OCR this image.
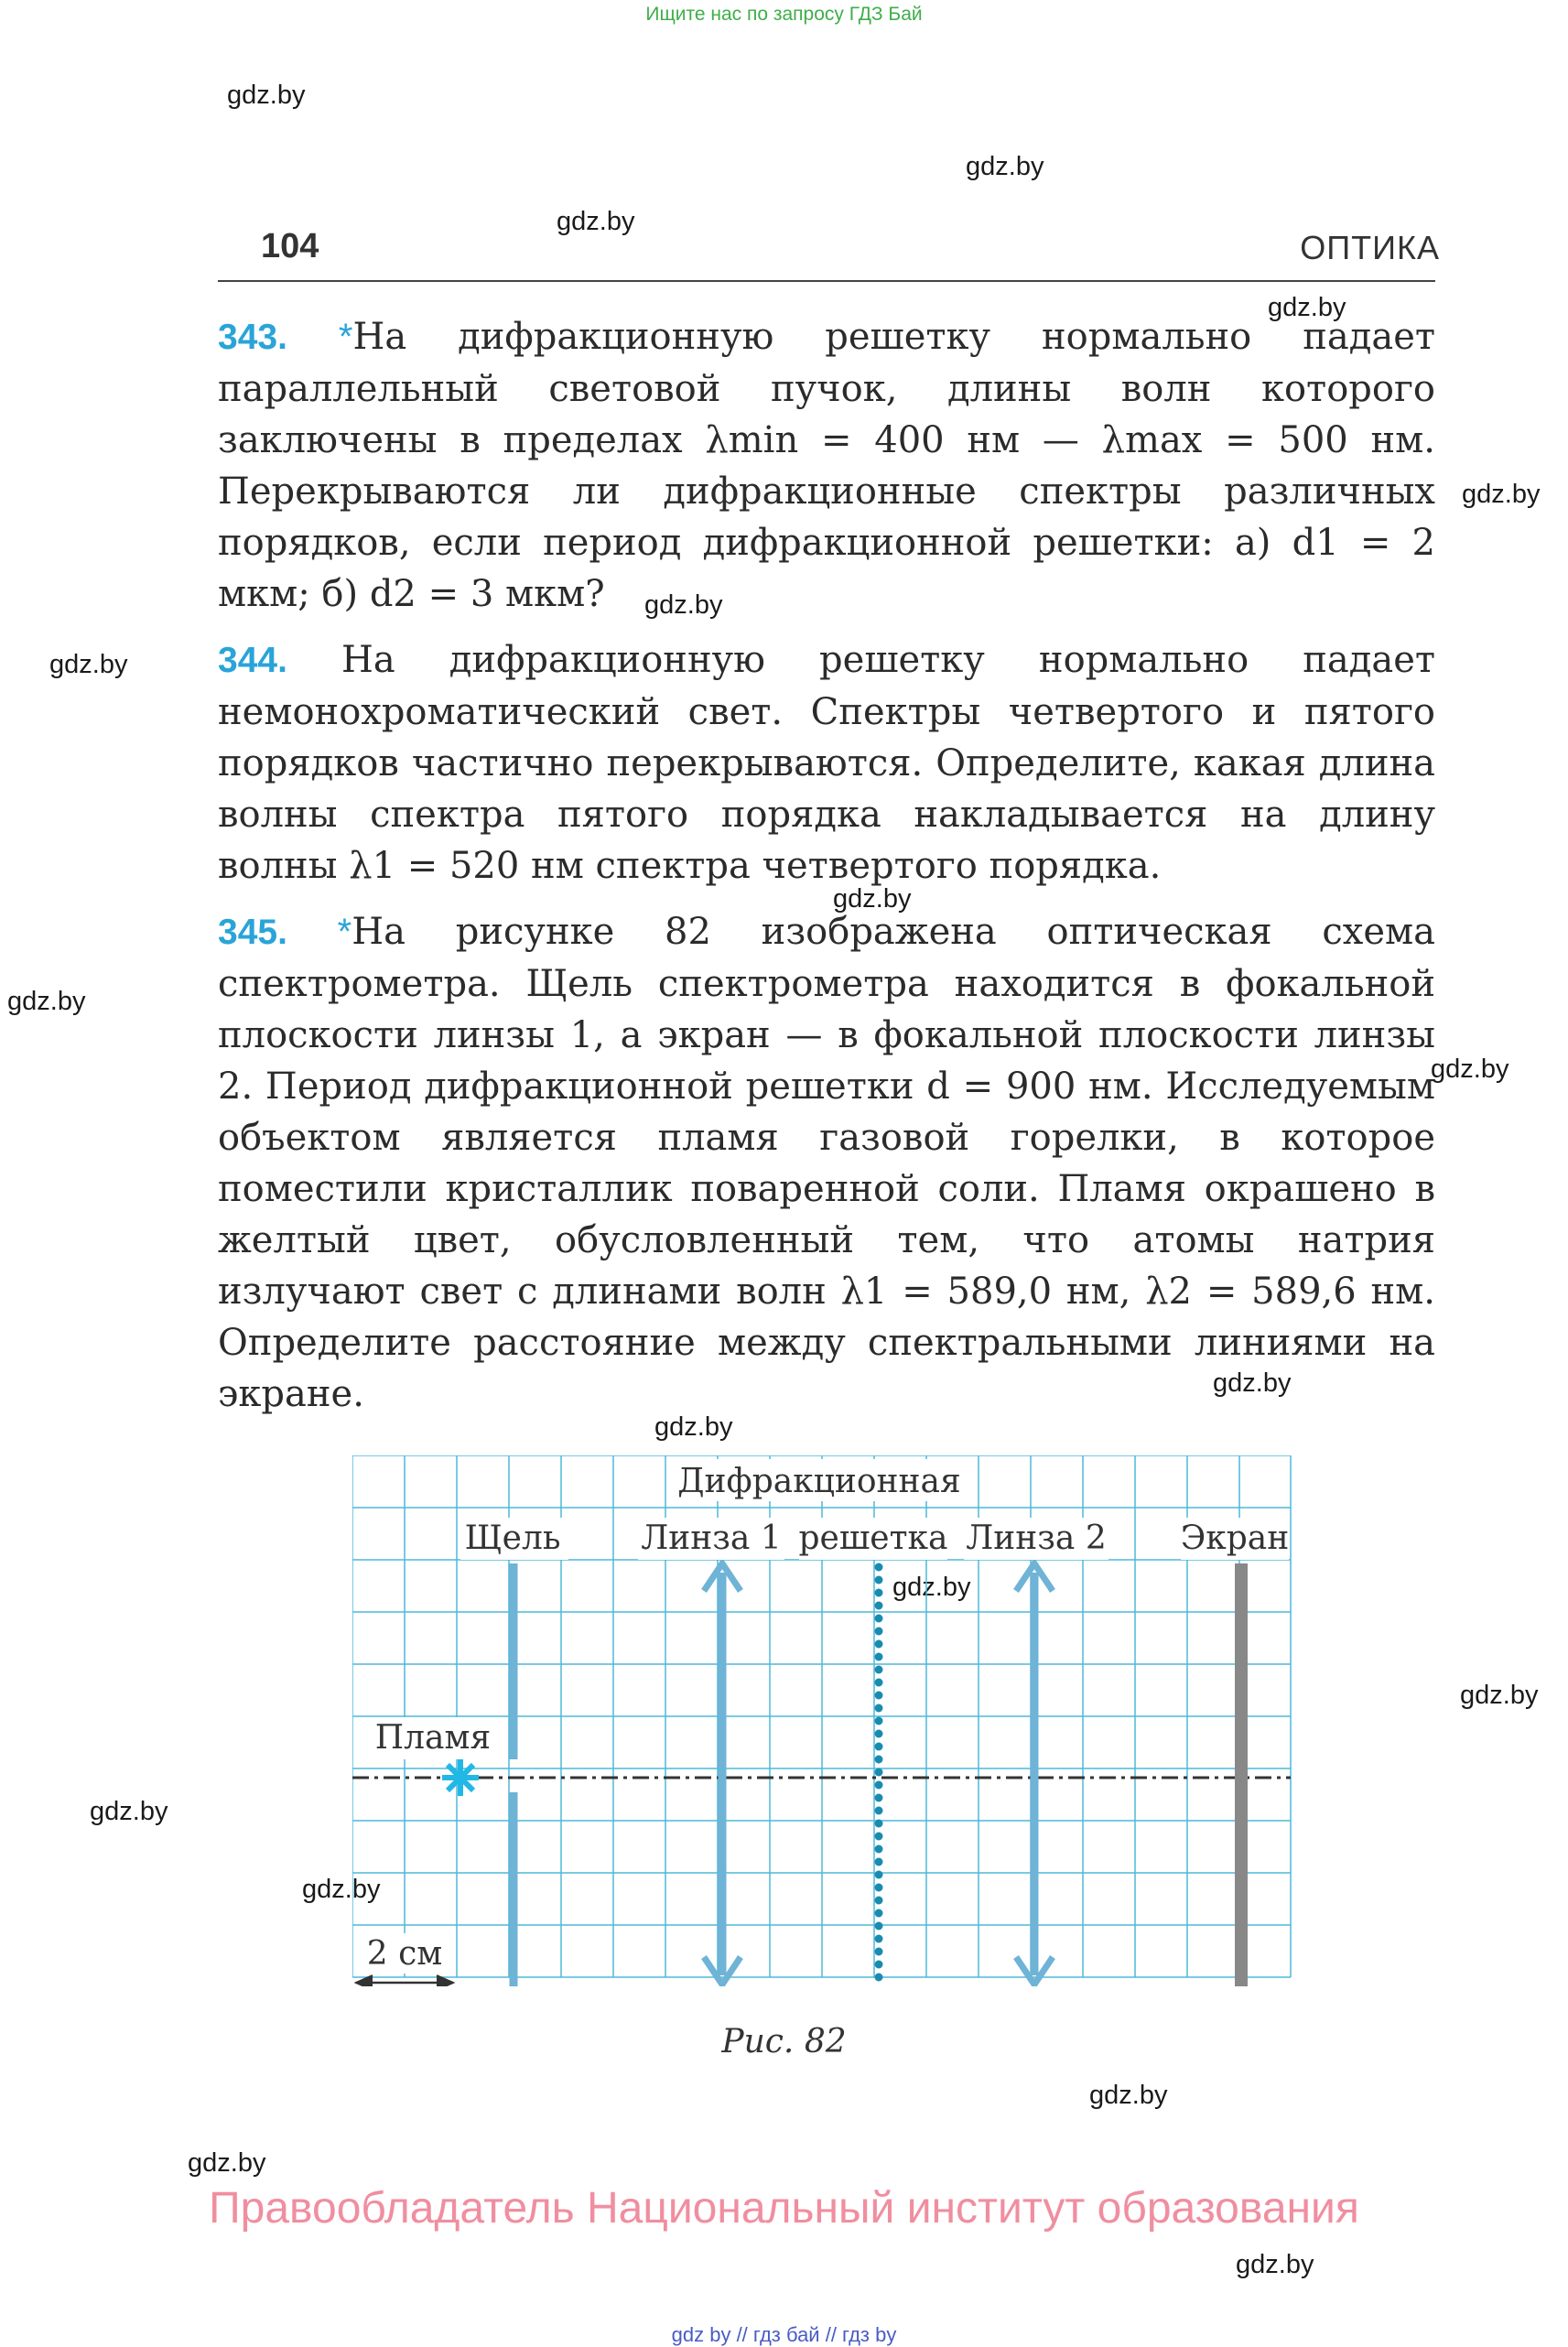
Ищите нас по запросу ГДЗ Бай
gdz.by
gdz.by
gdz.by
gdz.by
gdz.by
gdz.by
gdz.by
gdz.by
gdz.by
gdz.by
gdz.by
gdz.by
gdz.by
gdz.by
gdz.by
gdz.by
gdz.by
gdz.by
gdz.by
104	ОПТИКА
343. *На дифракционную решетку нормально падает параллельный световой пучок, длины волн которого заключены в пределах λmin = 400 нм — λmax = 500 нм. Перекрываются ли дифракционные спектры различных порядков, если период дифракционной решетки: а) d1 = 2 мкм; б) d2 = 3 мкм?
344. На дифракционную решетку нормально падает немонохроматический свет. Спектры четвертого и пятого порядков частично перекрываются. Определите, какая длина волны спектра пятого порядка накладывается на длину волны λ1 = 520 нм спектра четвертого порядка.
345. *На рисунке 82 изображена оптическая схема спектрометра. Щель спектрометра находится в фокальной плоскости линзы 1, а экран — в фокальной плоскости линзы 2. Период дифракционной решетки d = 900 нм. Исследуемым объектом является пламя газовой горелки, в которое поместили кристаллик поваренной соли. Пламя окрашено в желтый цвет, обусловленный тем, что атомы натрия излучают свет с длинами волн λ1 = 589,0 нм, λ2 = 589,6 нм. Определите расстояние между спектральными линиями на экране.
Дифракционная
Щель Линза 1 решетка Линза 2 Экран
Пламя
2 см
Рис. 82
Правообладатель Национальный институт образования
gdz by // гдз бай // гдз by
